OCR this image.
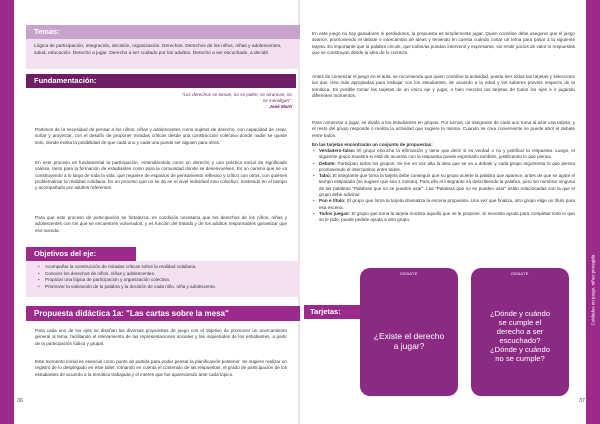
Temas:

Lógica de participación, integración, decisión, organización. Derechos. Derechos de los niños, niñas y adolescentes, salud, educación. Derecho a jugar. Derecho a ser cuidado por los adultos. Derecho a ser escuchado, a decidir.

Fundamentación:
"Los derechos se toman, no se piden; se arrancan, no se mendigan".
José Martí

Partimos de la necesidad de pensar a los niños, niñas y adolescentes como sujetos de derecho, con capacidad de crear, soñar y proyectar, con el desafío de proponer miradas críticas desde una construcción colectiva donde nadie se quede solo, donde exista la posibilidad de que cada uno y cada una pueda ser alguien para otros.

En este proceso es fundamental la participación, entendiéndola como un derecho y una práctica social de significado valioso, tanto para la formación de estudiantes como para la comunidad donde se desenvuelven. Es un camino que se va construyendo a lo largo de toda la vida, que requiere de espacios de pensamiento reflexivo y crítico con otros, con quienes problematizar la realidad cotidiana. Es un proceso que no se da en el nivel individual sino colectivo, sostenido en el tiempo y acompañado por adultos referentes.

Para que este proceso de participación se fortalezca, es condición necesaria que los derechos de los niños, niñas y adolescentes con los que se encuentren vulnerados, y es función del Estado y de los adultos responsables garantizar que eso suceda.

Objetivos del eje:
• Acompañar la construcción de miradas críticas sobre la realidad cotidiana.
• Conocer los derechos de niños, niñas y adolescentes.
• Propiciar una lógica de participación y organización colectiva.
• Promover la valoración de la palabra y la decisión de cada niño, niña y adolescente.
Propuesta didáctica 1a: "Las cartas sobre la mesa"

Para cada uno de los ejes se diseñan las diversas propuestas de juego con el objetivo de promover un acercamiento general al tema, facilitando el relevamiento de las representaciones sociales y las inquietudes de los estudiantes, a partir de la participación lúdica y grupal.

Este momento inicial es esencial como punto de partida para poder pensar la planificación posterior. Se sugiere realizar un registro de lo desplegado en este taller, tomando en cuenta el contenido de las respuestas, el grado de participación de los estudiantes de acuerdo a la temática trabajada y el interés que fue apareciendo ante cada tópico.

36

En este juego no hay ganadores ni perdedores, la propuesta es simplemente jugar. Quien coordine debe asegurar que el juego avance, promoviendo el debate e intercambio de ideas y teniendo en cuenta cuándo cortar un tema para pasar a la siguiente tarjeta. Es importante que la palabra circule, que todos/as puedan intervenir y expresarse, sin emitir juicios de valor ni respuestas que se construyan desde la idea de lo correcto.

Antes de comenzar el juego en el aula, se recomienda que quien coordine la actividad, pueda leer todas las tarjetas y seleccione las que crea más apropiadas para trabajar con los estudiantes, de acuerdo a la edad y los saberes previos respecto de la temática. Es posible tomar las tarjetas de un único eje y jugar, o bien mezclar las tarjetas de todos los ejes e ir jugando diferentes momentos.

Para comenzar a jugar, se divide a los estudiantes en grupos. Por turnos, un integrante de cada uno toma al azar una tarjeta, y el resto del grupo responde o realiza la actividad que sugiere la misma. Cuando se crea conveniente se puede abrir el debate entre todos.

En las tarjetas encontrarán un conjunto de propuestas:

• Verdadero-falso: El grupo escucha la afirmación y tiene que decir si es verdad o no y justificar la respuesta. Luego, el siguiente grupo muestra si está de acuerdo con la respuesta puede expresarlo también, justificando lo que piensa.
• Debate: Participan todos los grupos. Se lee en voz alta la idea que se va a debatir y cada grupo argumenta lo que piensa promoviendo el intercambio entre todos.
• Tabú: El integrante que toma la tarjeta debe conseguir que su grupo acierte la palabra que aparece, antes de que se agote el tiempo estipulado (se sugiere que sea 1 minuto). Para ello el integrante irá describiendo la palabra, pero sin nombrar ninguna de las palabras "Palabras que no se pueden usar". Las "Palabras que no se pueden usar" están relacionadas con la que el grupo debe adivinar.
• Pon e título: El grupo que toma la tarjeta dramatiza la escena propuesta. Una vez que finaliza, otro grupo elige un título para esa escena.
• Todos juegan: El grupo que toma la tarjeta nombra aquello que se le propone. Si necesita ayuda para completar todo lo que se le pide, puede pedirle ayuda a otro grupo.
Tarjetas:
DEBATE
¿Existe el derecho a jugar?
DEBATE
¿Dónde y cuándo se cumple el derecho a ser escuchado? ¿Dónde y cuándo no se cumple?
Cuidados en juego, niñez protegida
37
